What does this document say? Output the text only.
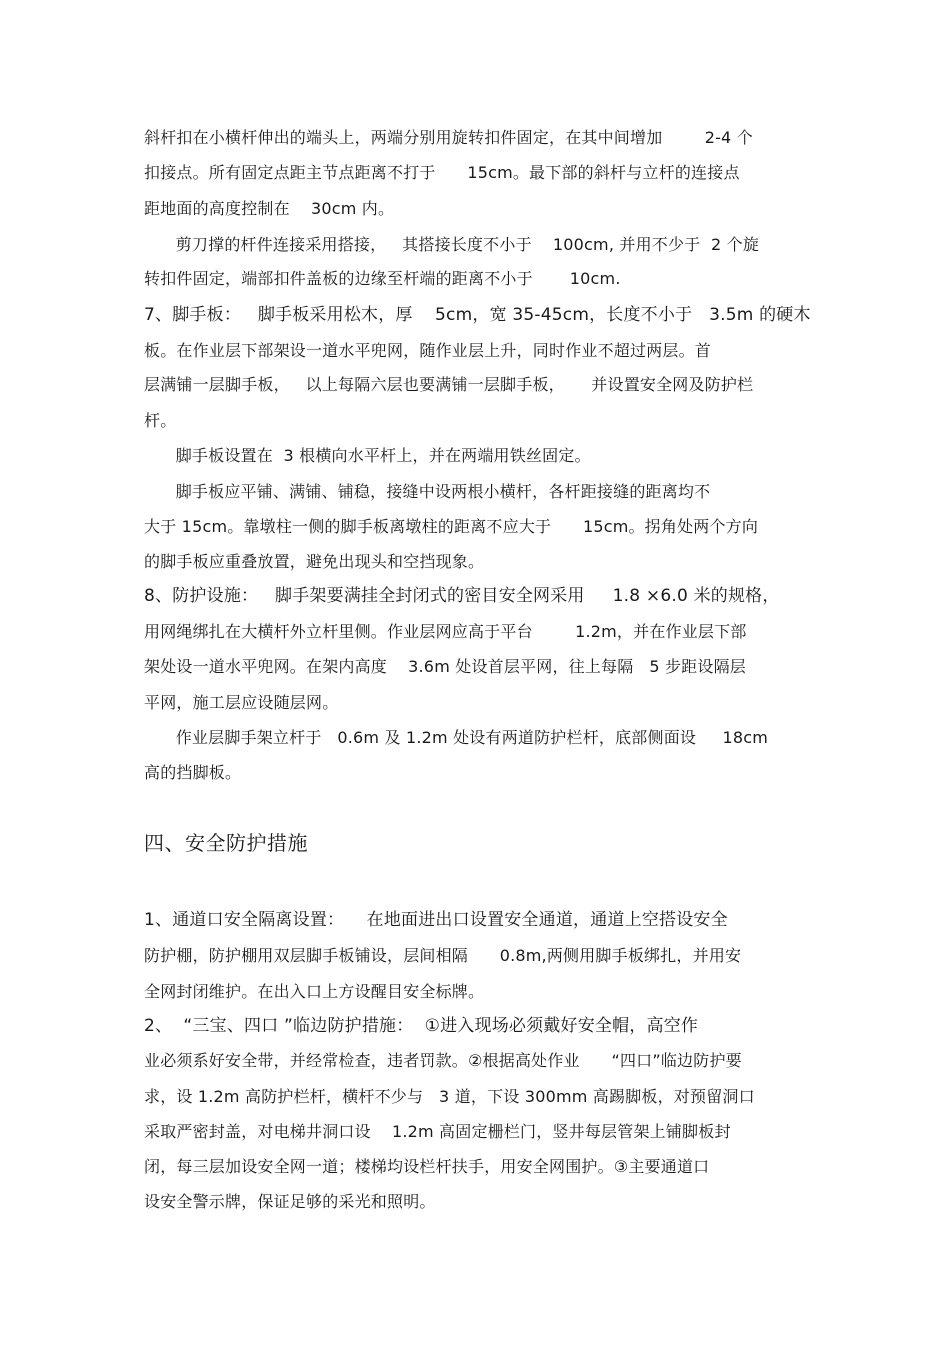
斜杆扣在小横杆伸出的端头上，两端分别用旋转扣件固定，在其中间增加        2-4 个
扣接点。所有固定点距主节点距离不打于      15cm。最下部的斜杆与立杆的连接点
距地面的高度控制在    30cm 内。
剪刀撑的杆件连接采用搭接，   其搭接长度不小于    100cm, 并用不少于  2 个旋
转扣件固定，端部扣件盖板的边缘至杆端的距离不小于       10cm.
7、脚手板：   脚手板采用松木，厚    5cm，宽 35-45cm，长度不小于   3.5m 的硬木
板。在作业层下部架设一道水平兜网，随作业层上升，同时作业不超过两层。首
层满铺一层脚手板，   以上每隔六层也要满铺一层脚手板，     并设置安全网及防护栏
杆。
脚手板设置在  3 根横向水平杆上，并在两端用铁丝固定。
脚手板应平铺、满铺、铺稳，接缝中设两根小横杆，各杆距接缝的距离均不
大于 15cm。靠墩柱一侧的脚手板离墩柱的距离不应大于      15cm。拐角处两个方向
的脚手板应重叠放置，避免出现头和空挡现象。
8、防护设施：   脚手架要满挂全封闭式的密目安全网采用     1.8 ×6.0 米的规格，
用网绳绑扎在大横杆外立杆里侧。作业层网应高于平台        1.2m，并在作业层下部
架处设一道水平兜网。在架内高度    3.6m 处设首层平网，往上每隔   5 步距设隔层
平网，施工层应设随层网。
作业层脚手架立杆于   0.6m 及 1.2m 处设有两道防护栏杆，底部侧面设     18cm
高的挡脚板。
四、安全防护措施
1、通道口安全隔离设置：    在地面进出口设置安全通道，通道上空搭设安全
防护棚，防护棚用双层脚手板铺设，层间相隔      0.8m,两侧用脚手板绑扎，并用安
全网封闭维护。在出入口上方设醒目安全标牌。
2、  “三宝、四口 ”临边防护措施：  ①进入现场必须戴好安全帽，高空作
业必须系好安全带，并经常检查，违者罚款。②根据高处作业      “四口”临边防护要
求，设 1.2m 高防护栏杆，横杆不少与   3 道，下设 300mm 高踢脚板，对预留洞口
采取严密封盖，对电梯井洞口设    1.2m 高固定栅栏门，竖井每层管架上铺脚板封
闭，每三层加设安全网一道；楼梯均设栏杆扶手，用安全网围护。③主要通道口
设安全警示牌，保证足够的采光和照明。
